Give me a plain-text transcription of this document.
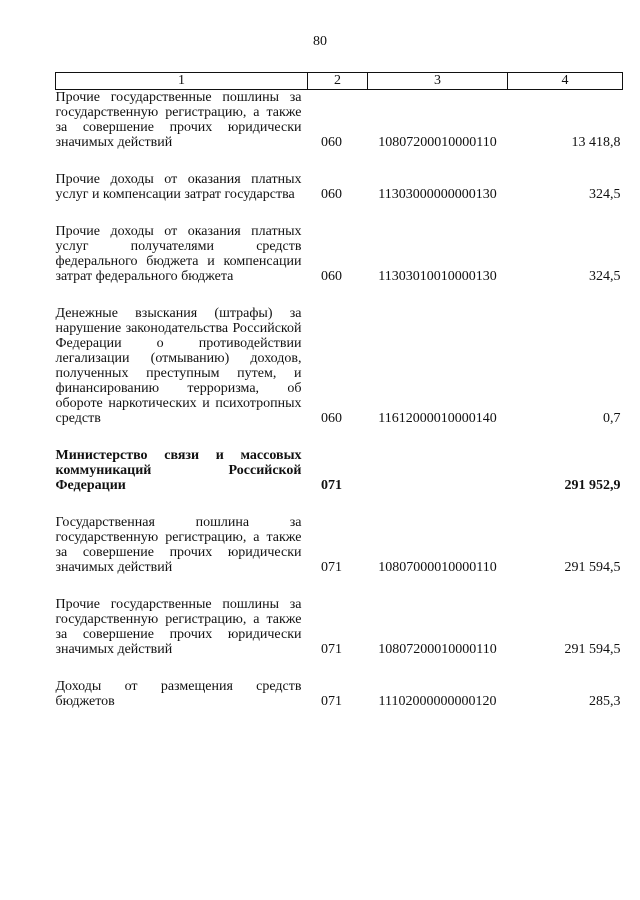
80
1	2	3	4
Прочие государственные пошлины за государственную регистрацию, а также за совершение прочих юридически значимых действий	060	10807200010000110	13 418,8

Прочие доходы от оказания платных услуг и компенсации затрат государства	060	11303000000000130	324,5

Прочие доходы от оказания платных услуг получателями средств федерального бюджета и компенсации затрат федерального бюджета	060	11303010010000130	324,5

Денежные взыскания (штрафы) за нарушение законодательства Российской Федерации о противодействии легализации (отмыванию) доходов, полученных преступным путем, и финансированию терроризма, об обороте наркотических и психотропных средств	060	11612000010000140	0,7

Министерство связи и массовых коммуникаций Российской Федерации	071		291 952,9

Государственная пошлина за государственную регистрацию, а также за совершение прочих юридически значимых действий	071	10807000010000110	291 594,5

Прочие государственные пошлины за государственную регистрацию, а также за совершение прочих юридически значимых действий	071	10807200010000110	291 594,5

Доходы от размещения средств бюджетов	071	11102000000000120	285,3
